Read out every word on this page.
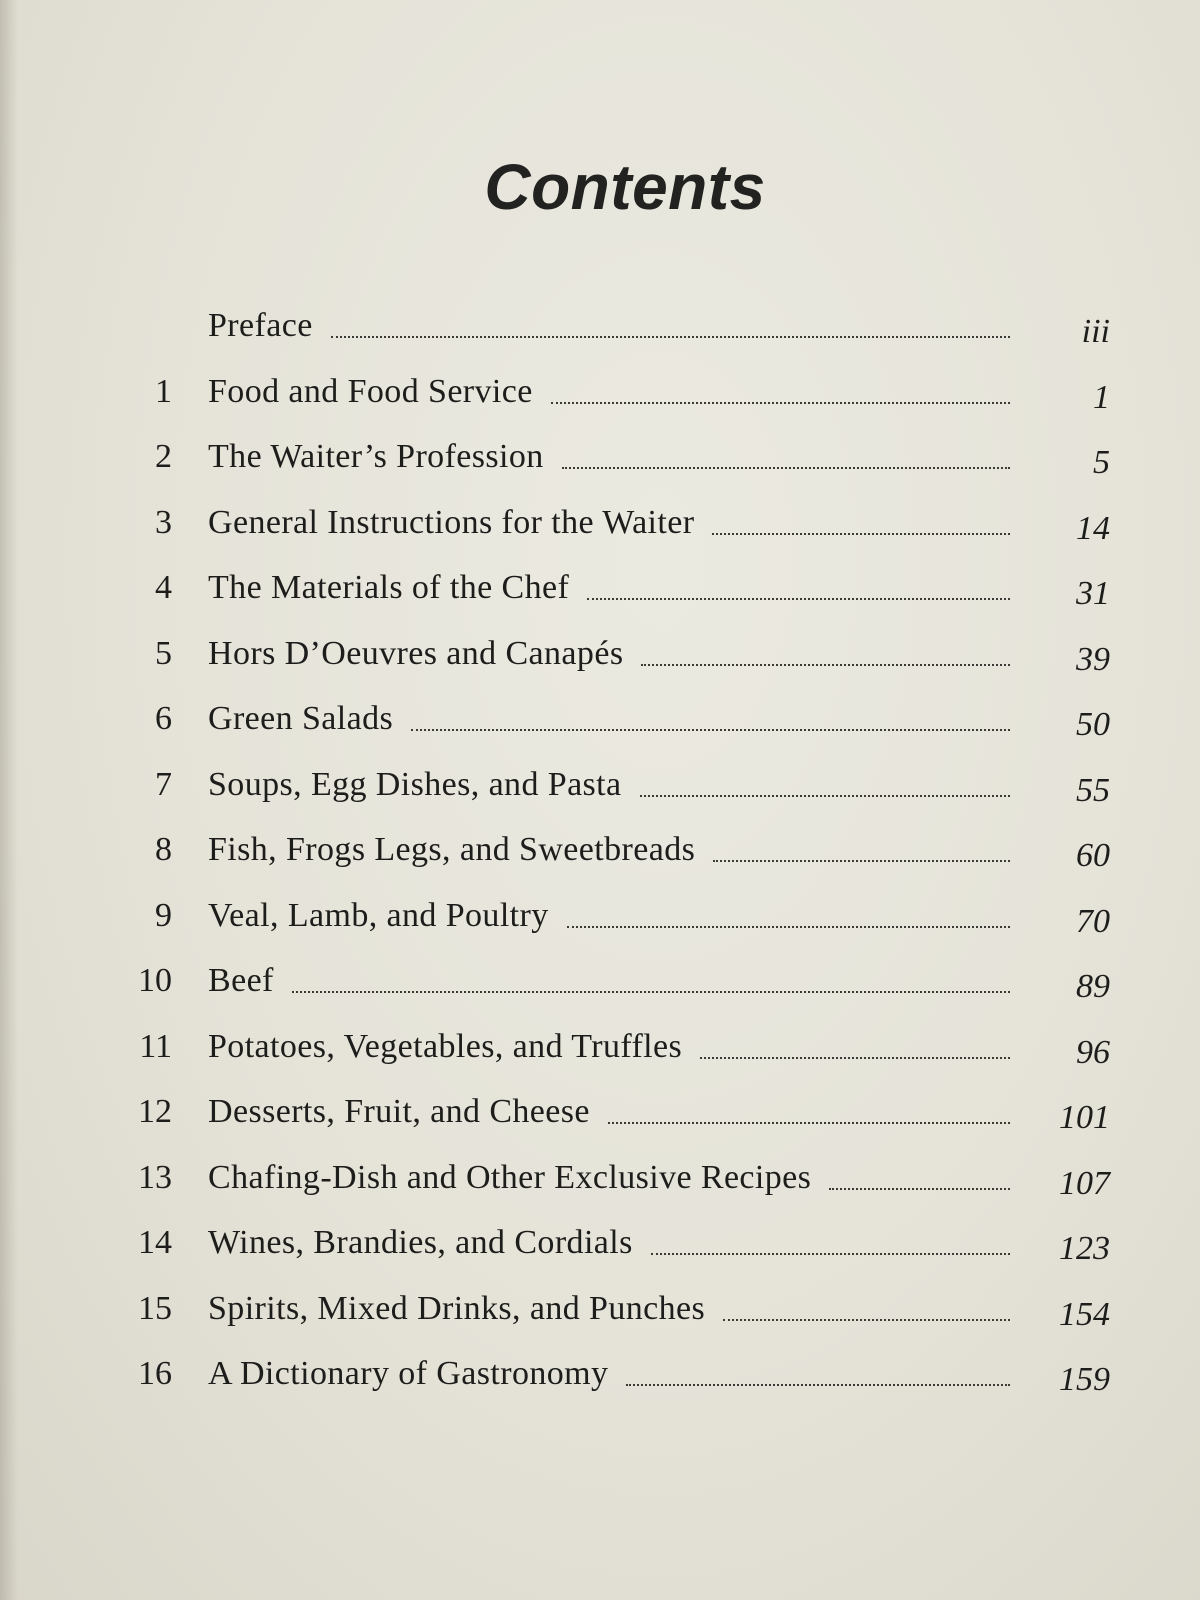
Contents
Preface	iii
1 Food and Food Service	1
2 The Waiter’s Profession	5
3 General Instructions for the Waiter	14
4 The Materials of the Chef	31
5 Hors D’Oeuvres and Canapés	39
6 Green Salads	50
7 Soups, Egg Dishes, and Pasta	55
8 Fish, Frogs Legs, and Sweetbreads	60
9 Veal, Lamb, and Poultry	70
10 Beef	89
11 Potatoes, Vegetables, and Truffles	96
12 Desserts, Fruit, and Cheese	101
13 Chafing-Dish and Other Exclusive Recipes	107
14 Wines, Brandies, and Cordials	123
15 Spirits, Mixed Drinks, and Punches	154
16 A Dictionary of Gastronomy	159
